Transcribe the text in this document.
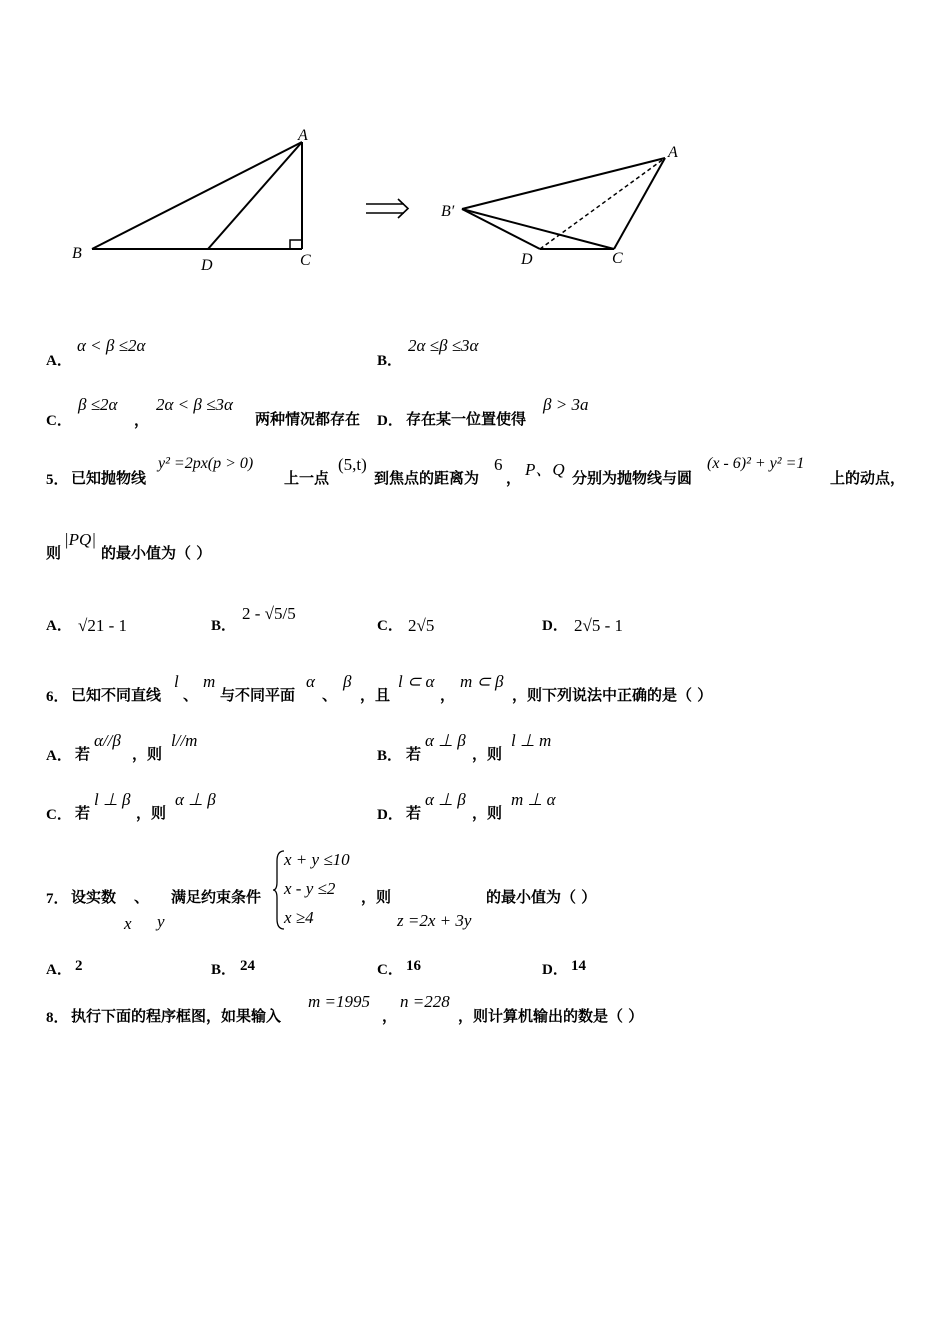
A
B
D	C
A
B′
D	C
A．
α < β ≤2α
B．
2α ≤β ≤3α
C．
β ≤2α
，
2α < β ≤3α
两种情况都存在 D． 存在某一位置使得
β > 3a
5． 已知抛物线
y² =2px(p > 0)
上一点
(5,t)
到焦点的距离为
6
， P、Q 分别为抛物线与圆
(x - 6)² + y² =1
上的动点，
则
|PQ|
的最小值为（ ）
A． √21 - 1	B．
2 - √5/5
C． 2√5	D． 2√5 - 1
6． 已知不同直线
l
、
m
与不同平面
α
、
β
，且
l ⊂ α
，
m ⊂ β
，则下列说法中正确的是（ ）
A． 若
α//β
，则
l//m
B． 若
α ⊥ β
，则
l ⊥ m
C． 若
l ⊥ β
，则
α ⊥ β
D． 若
α ⊥ β
，则
m ⊥ α
7． 设实数 、 满足约束条件
x y
x + y ≤10
x - y ≤2
x ≥4
，则
z =2x + 3y
的最小值为（ ）
A． 2	B． 24	C． 16	D． 14
8． 执行下面的程序框图，如果输入
m =1995
，
n =228
，则计算机输出的数是（ ）
